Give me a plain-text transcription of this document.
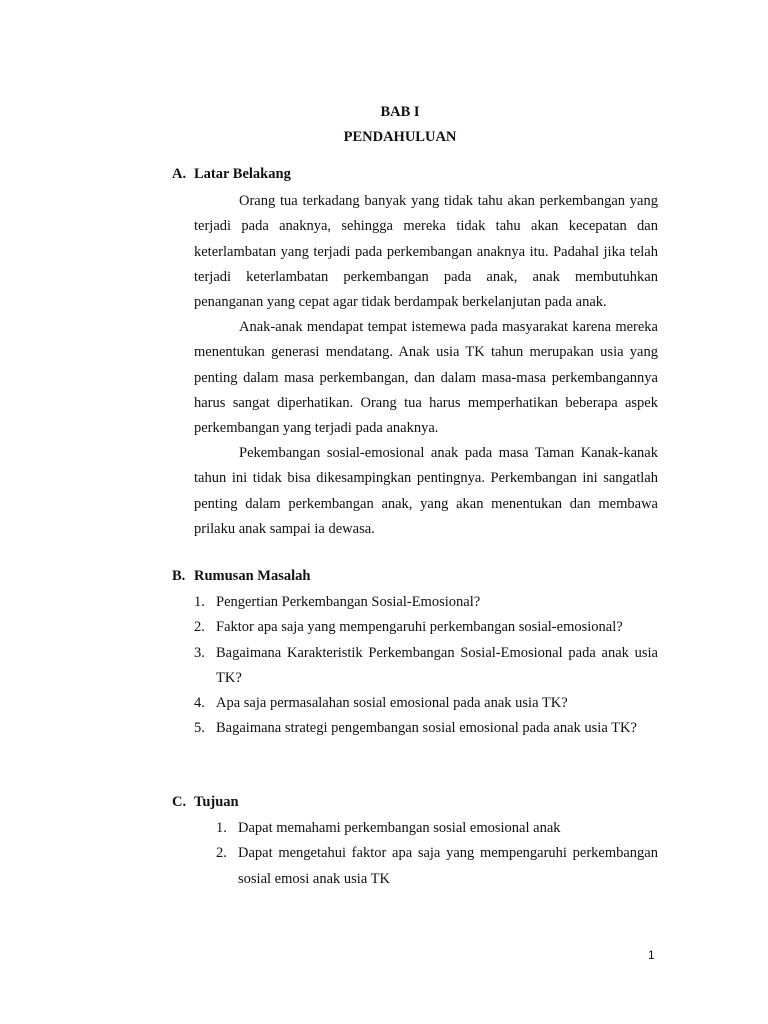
BAB I
PENDAHULUAN
A. Latar Belakang

Orang tua terkadang banyak yang tidak tahu akan perkembangan yang terjadi pada anaknya, sehingga mereka tidak tahu akan kecepatan dan keterlambatan yang terjadi pada perkembangan anaknya itu. Padahal jika telah terjadi keterlambatan perkembangan pada anak, anak membutuhkan penanganan yang cepat agar tidak berdampak berkelanjutan pada anak.

Anak-anak mendapat tempat istemewa pada masyarakat karena mereka menentukan generasi mendatang. Anak usia TK tahun merupakan usia yang penting dalam masa perkembangan, dan dalam masa-masa perkembangannya harus sangat diperhatikan. Orang tua harus memperhatikan beberapa aspek perkembangan yang terjadi pada anaknya.

Pekembangan sosial-emosional anak pada masa Taman Kanak-kanak tahun ini tidak bisa dikesampingkan pentingnya. Perkembangan ini sangatlah penting dalam perkembangan anak, yang akan menentukan dan membawa prilaku anak sampai ia dewasa.

B. Rumusan Masalah
1. Pengertian Perkembangan Sosial-Emosional?
2. Faktor apa saja yang mempengaruhi perkembangan sosial-emosional?
3. Bagaimana Karakteristik Perkembangan Sosial-Emosional pada anak usia TK?
4. Apa saja permasalahan sosial emosional pada anak usia TK?
5. Bagaimana strategi pengembangan sosial emosional pada anak usia TK?
C. Tujuan
1. Dapat memahami perkembangan sosial emosional anak
2. Dapat mengetahui faktor apa saja yang mempengaruhi perkembangan sosial emosi anak usia TK
1
